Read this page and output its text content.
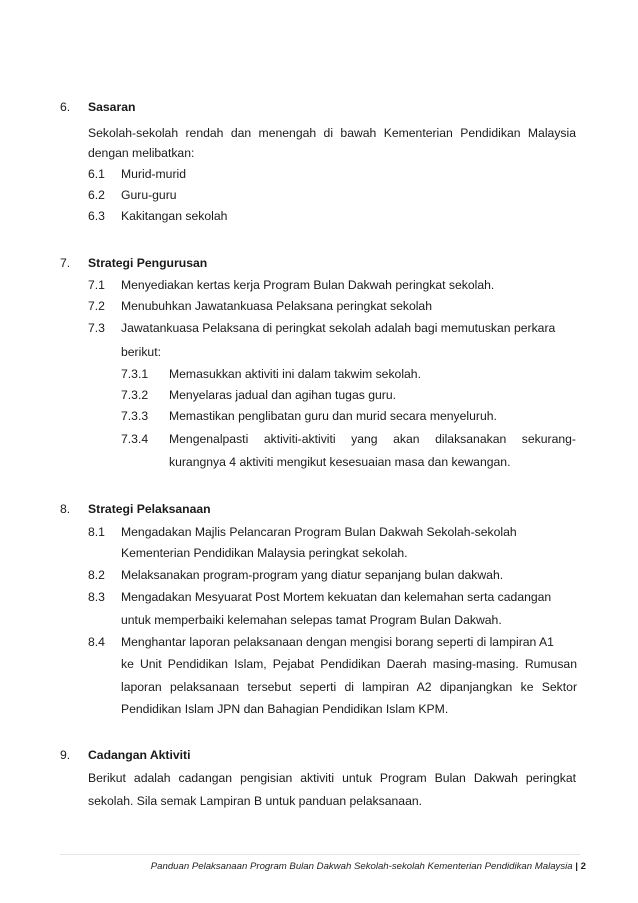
6. Sasaran
Sekolah-sekolah rendah dan menengah di bawah Kementerian Pendidikan Malaysia
dengan melibatkan:
6.1 Murid-murid
6.2 Guru-guru
6.3 Kakitangan sekolah
7. Strategi Pengurusan
7.1 Menyediakan kertas kerja Program Bulan Dakwah peringkat sekolah.
7.2 Menubuhkan Jawatankuasa Pelaksana peringkat sekolah
7.3 Jawatankuasa Pelaksana di peringkat sekolah adalah bagi memutuskan perkara
berikut:
7.3.1 Memasukkan aktiviti ini dalam takwim sekolah.
7.3.2 Menyelaras jadual dan agihan tugas guru.
7.3.3 Memastikan penglibatan guru dan murid secara menyeluruh.
7.3.4 Mengenalpasti aktiviti-aktiviti yang akan dilaksanakan sekurang-
kurangnya 4 aktiviti mengikut kesesuaian masa dan kewangan.
8. Strategi Pelaksanaan
8.1 Mengadakan Majlis Pelancaran Program Bulan Dakwah Sekolah-sekolah
Kementerian Pendidikan Malaysia peringkat sekolah.
8.2 Melaksanakan program-program yang diatur sepanjang bulan dakwah.
8.3 Mengadakan Mesyuarat Post Mortem kekuatan dan kelemahan serta cadangan
untuk memperbaiki kelemahan selepas tamat Program Bulan Dakwah.
8.4 Menghantar laporan pelaksanaan dengan mengisi borang seperti di lampiran A1
ke Unit Pendidikan Islam, Pejabat Pendidikan Daerah masing-masing. Rumusan
laporan pelaksanaan tersebut seperti di lampiran A2 dipanjangkan ke Sektor
Pendidikan Islam JPN dan Bahagian Pendidikan Islam KPM.
9. Cadangan Aktiviti
Berikut adalah cadangan pengisian aktiviti untuk Program Bulan Dakwah peringkat
sekolah. Sila semak Lampiran B untuk panduan pelaksanaan.
Panduan Pelaksanaan Program Bulan Dakwah Sekolah-sekolah Kementerian Pendidikan Malaysia | 2
